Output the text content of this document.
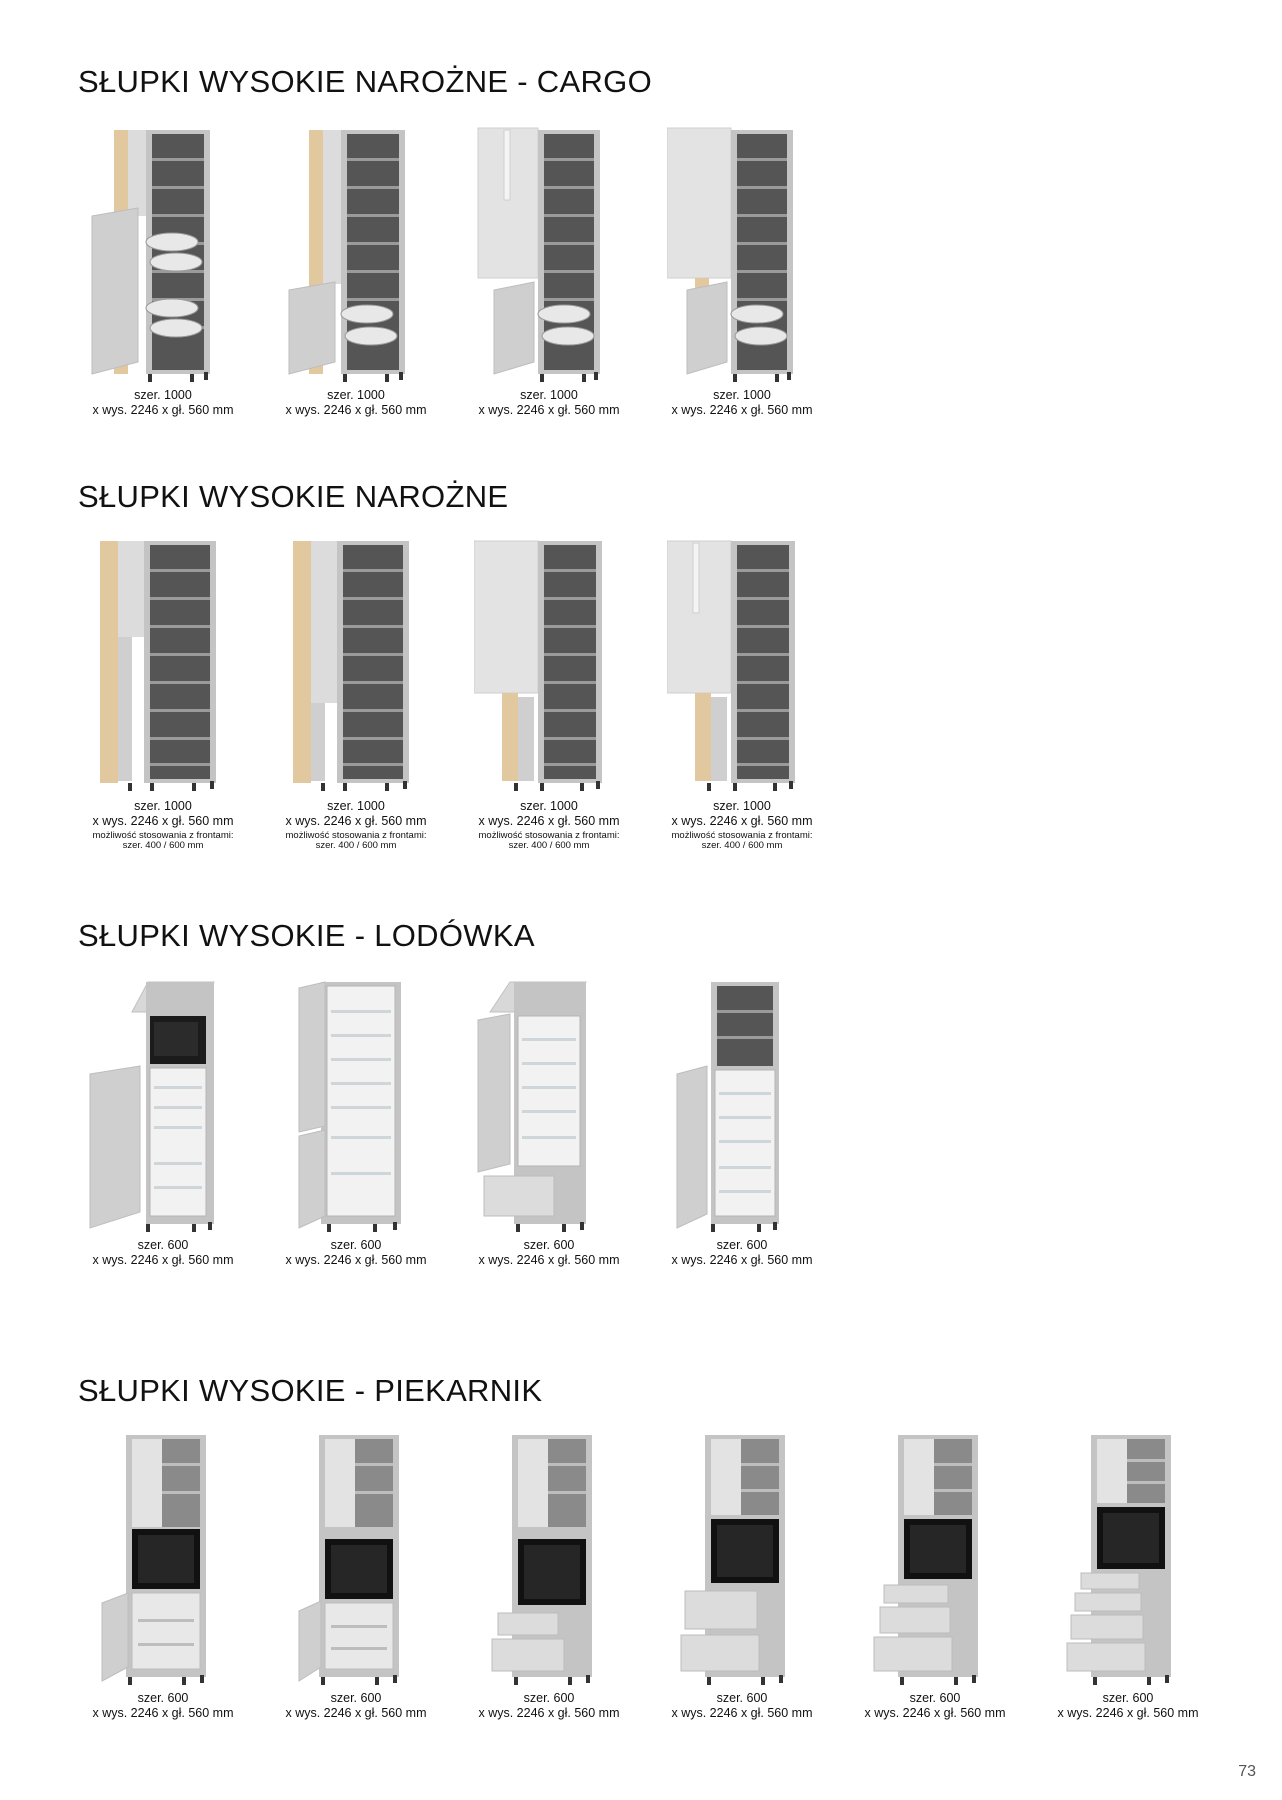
SŁUPKI WYSOKIE NAROŻNE - CARGO
szer. 1000
x wys. 2246 x gł. 560 mm
szer. 1000
x wys. 2246 x gł. 560 mm
szer. 1000
x wys. 2246 x gł. 560 mm
szer. 1000
x wys. 2246 x gł. 560 mm
SŁUPKI WYSOKIE NAROŻNE
szer. 1000
x wys. 2246 x gł. 560 mm
możliwość stosowania z frontami:
szer. 400 / 600 mm
szer. 1000
x wys. 2246 x gł. 560 mm
możliwość stosowania z frontami:
szer. 400 / 600 mm
szer. 1000
x wys. 2246 x gł. 560 mm
możliwość stosowania z frontami:
szer. 400 / 600 mm
szer. 1000
x wys. 2246 x gł. 560 mm
możliwość stosowania z frontami:
szer. 400 / 600 mm
SŁUPKI WYSOKIE - LODÓWKA
szer. 600
x wys. 2246 x gł. 560 mm
szer. 600
x wys. 2246 x gł. 560 mm
szer. 600
x wys. 2246 x gł. 560 mm
szer. 600
x wys. 2246 x gł. 560 mm
SŁUPKI WYSOKIE - PIEKARNIK
szer. 600
x wys. 2246 x gł. 560 mm
szer. 600
x wys. 2246 x gł. 560 mm
szer. 600
x wys. 2246 x gł. 560 mm
szer. 600
x wys. 2246 x gł. 560 mm
szer. 600
x wys. 2246 x gł. 560 mm
szer. 600
x wys. 2246 x gł. 560 mm
73
